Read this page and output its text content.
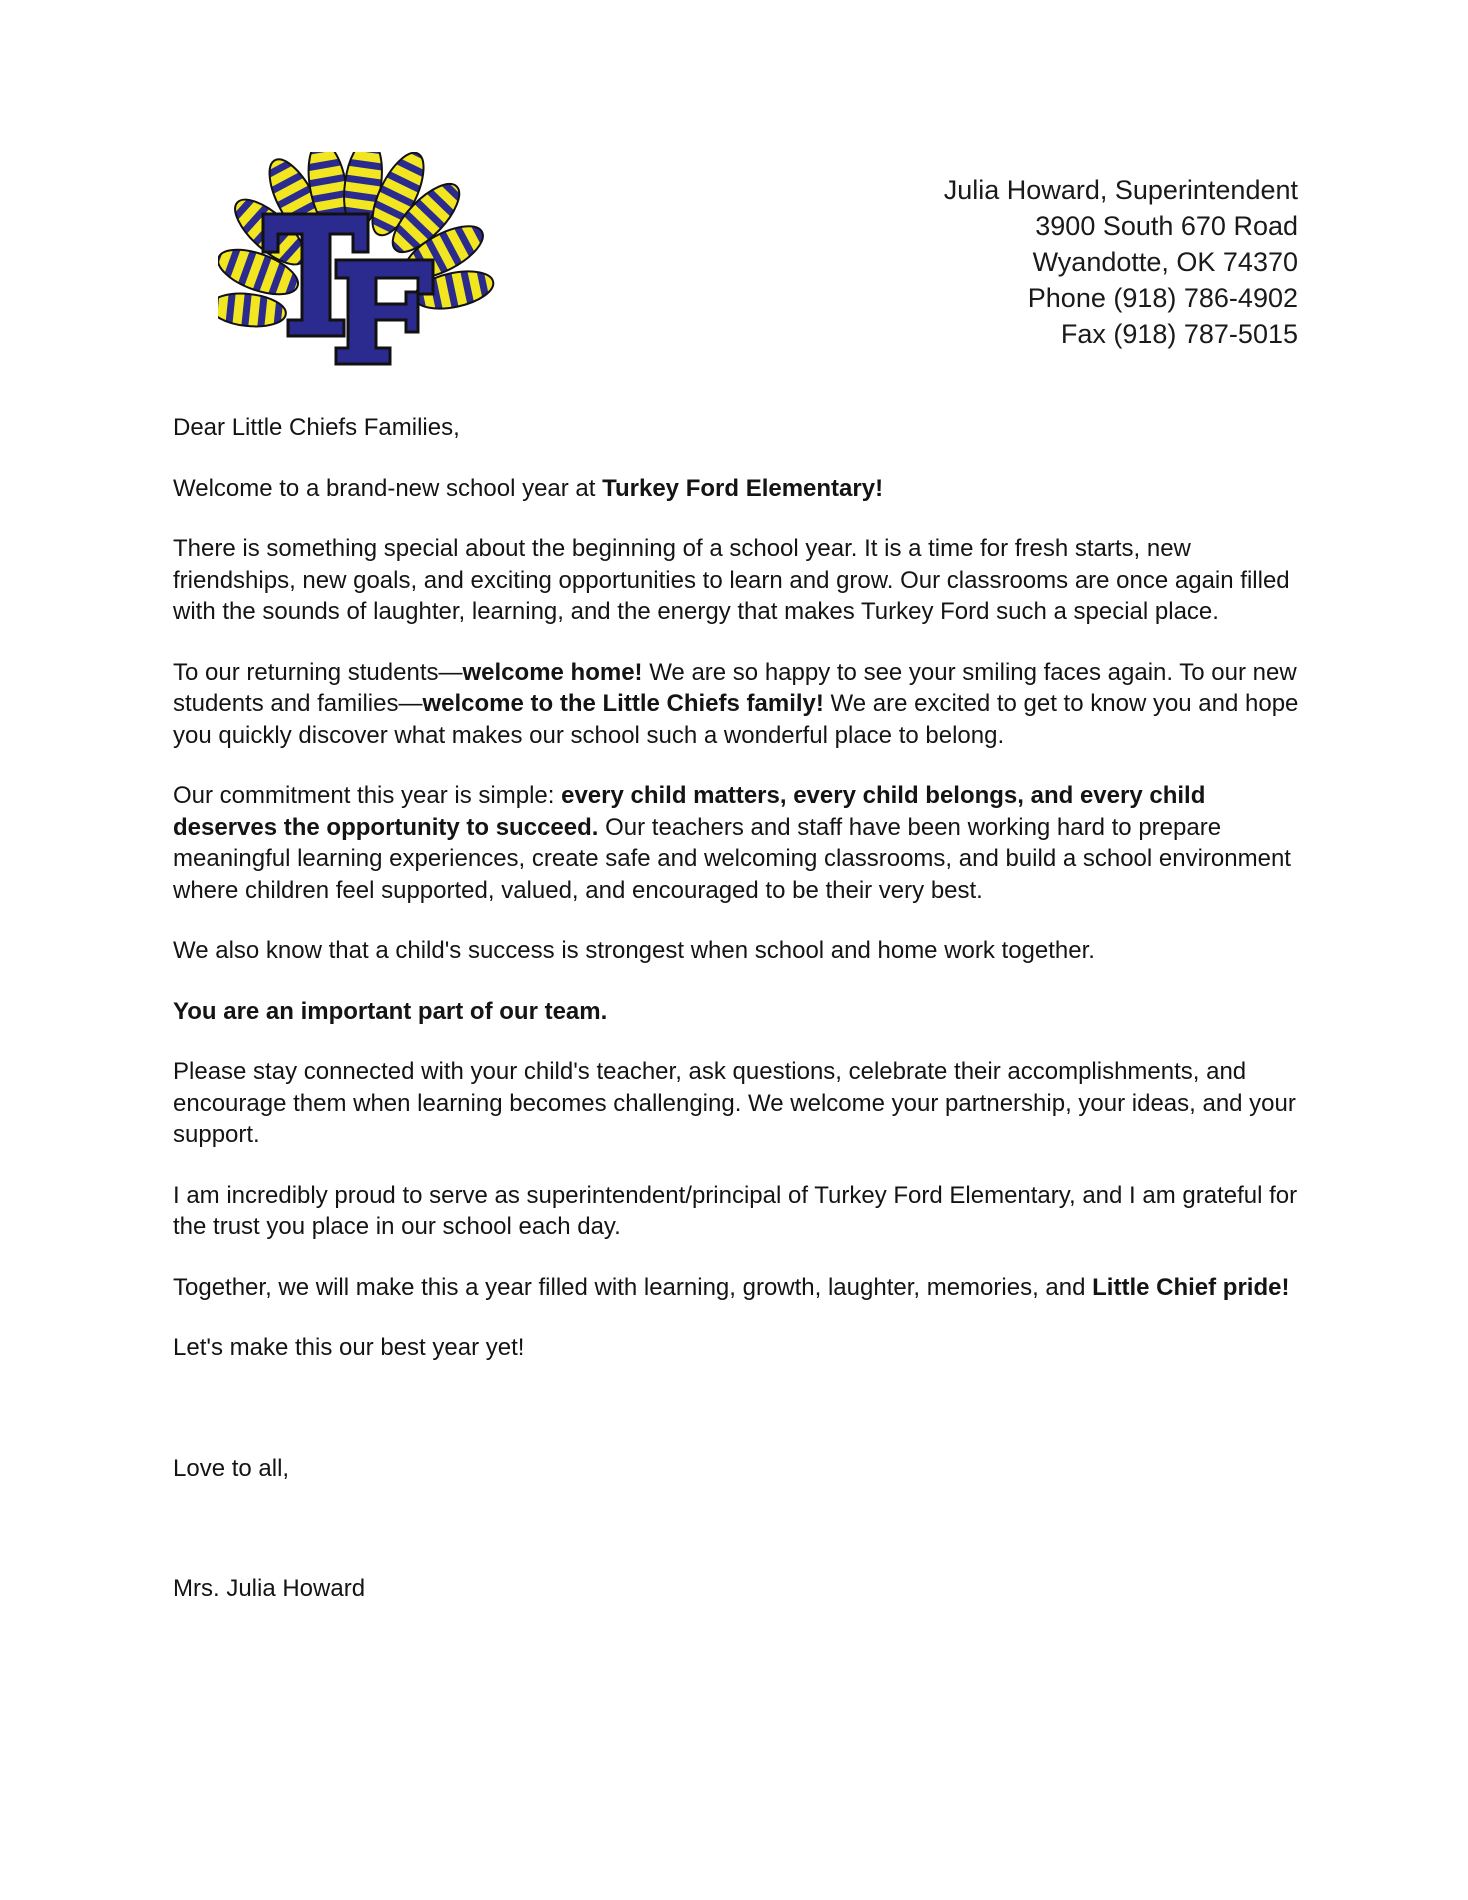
Julia Howard, Superintendent
3900 South 670 Road
Wyandotte, OK 74370
Phone (918) 786-4902
Fax (918) 787-5015

Dear Little Chiefs Families,

Welcome to a brand-new school year at Turkey Ford Elementary!

There is something special about the beginning of a school year. It is a time for fresh starts, new friendships, new goals, and exciting opportunities to learn and grow. Our classrooms are once again filled with the sounds of laughter, learning, and the energy that makes Turkey Ford such a special place.

To our returning students—welcome home! We are so happy to see your smiling faces again. To our new students and families—welcome to the Little Chiefs family! We are excited to get to know you and hope you quickly discover what makes our school such a wonderful place to belong.

Our commitment this year is simple: every child matters, every child belongs, and every child deserves the opportunity to succeed. Our teachers and staff have been working hard to prepare meaningful learning experiences, create safe and welcoming classrooms, and build a school environment where children feel supported, valued, and encouraged to be their very best.

We also know that a child's success is strongest when school and home work together.

You are an important part of our team.

Please stay connected with your child's teacher, ask questions, celebrate their accomplishments, and encourage them when learning becomes challenging. We welcome your partnership, your ideas, and your support.

I am incredibly proud to serve as superintendent/principal of Turkey Ford Elementary, and I am grateful for the trust you place in our school each day.

Together, we will make this a year filled with learning, growth, laughter, memories, and Little Chief pride!

Let's make this our best year yet!

Love to all,

Mrs. Julia Howard
